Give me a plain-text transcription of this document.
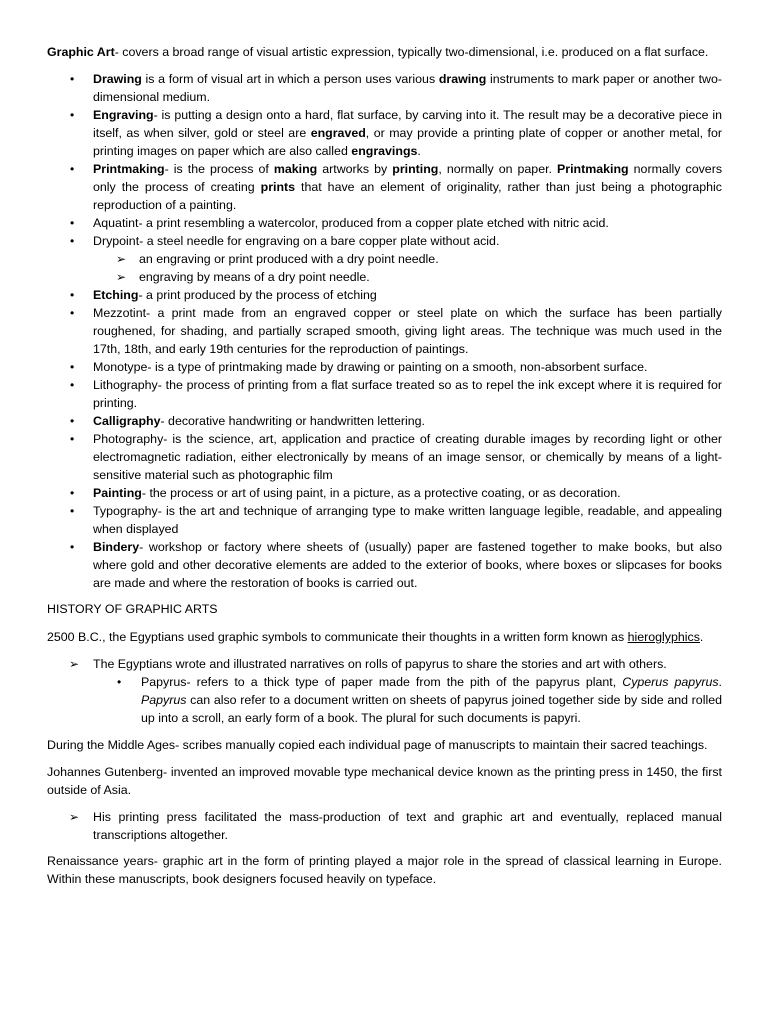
Graphic Art- covers a broad range of visual artistic expression, typically two-dimensional, i.e. produced on a flat surface.

• Drawing is a form of visual art in which a person uses various drawing instruments to mark paper or another two-dimensional medium.
• Engraving- is putting a design onto a hard, flat surface, by carving into it. The result may be a decorative piece in itself, as when silver, gold or steel are engraved, or may provide a printing plate of copper or another metal, for printing images on paper which are also called engravings.
• Printmaking- is the process of making artworks by printing, normally on paper. Printmaking normally covers only the process of creating prints that have an element of originality, rather than just being a photographic reproduction of a painting.
• Aquatint- a print resembling a watercolor, produced from a copper plate etched with nitric acid.
• Drypoint- a steel needle for engraving on a bare copper plate without acid.
➢ an engraving or print produced with a dry point needle.
➢ engraving by means of a dry point needle.
• Etching- a print produced by the process of etching
• Mezzotint- a print made from an engraved copper or steel plate on which the surface has been partially roughened, for shading, and partially scraped smooth, giving light areas. The technique was much used in the 17th, 18th, and early 19th centuries for the reproduction of paintings.
• Monotype- is a type of printmaking made by drawing or painting on a smooth, non-absorbent surface.
• Lithography- the process of printing from a flat surface treated so as to repel the ink except where it is required for printing.
• Calligraphy- decorative handwriting or handwritten lettering.
• Photography- is the science, art, application and practice of creating durable images by recording light or other electromagnetic radiation, either electronically by means of an image sensor, or chemically by means of a light-sensitive material such as photographic film
• Painting- the process or art of using paint, in a picture, as a protective coating, or as decoration.
• Typography- is the art and technique of arranging type to make written language legible, readable, and appealing when displayed
• Bindery- workshop or factory where sheets of (usually) paper are fastened together to make books, but also where gold and other decorative elements are added to the exterior of books, where boxes or slipcases for books are made and where the restoration of books is carried out.

HISTORY OF GRAPHIC ARTS

2500 B.C., the Egyptians used graphic symbols to communicate their thoughts in a written form known as hieroglyphics.

➢ The Egyptians wrote and illustrated narratives on rolls of papyrus to share the stories and art with others.
• Papyrus- refers to a thick type of paper made from the pith of the papyrus plant, Cyperus papyrus. Papyrus can also refer to a document written on sheets of papyrus joined together side by side and rolled up into a scroll, an early form of a book. The plural for such documents is papyri.

During the Middle Ages- scribes manually copied each individual page of manuscripts to maintain their sacred teachings.

Johannes Gutenberg- invented an improved movable type mechanical device known as the printing press in 1450, the first outside of Asia.

➢ His printing press facilitated the mass-production of text and graphic art and eventually, replaced manual transcriptions altogether.

Renaissance years- graphic art in the form of printing played a major role in the spread of classical learning in Europe. Within these manuscripts, book designers focused heavily on typeface.
